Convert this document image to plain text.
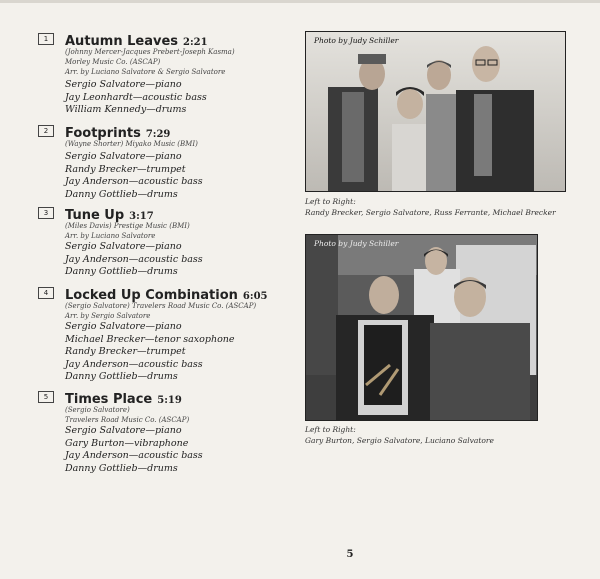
1	Autumn Leaves 2:21
(Johnny Mercer-Jacques Prebert-Joseph Kasma)
Morley Music Co. (ASCAP)
Arr. by Luciano Salvatore & Sergio Salvatore
Sergio Salvatore—piano
Jay Leonhardt—acoustic bass
William Kennedy—drums
2	Footprints 7:29
(Wayne Shorter) Miyako Music (BMI)
Sergio Salvatore—piano
Randy Brecker—trumpet
Jay Anderson—acoustic bass
Danny Gottlieb—drums
3	Tune Up 3:17
(Miles Davis) Prestige Music (BMI)
Arr. by Luciano Salvatore
Sergio Salvatore—piano
Jay Anderson—acoustic bass
Danny Gottlieb—drums
4	Locked Up Combination 6:05
(Sergio Salvatore) Travelers Road Music Co. (ASCAP)
Arr. by Sergio Salvatore
Sergio Salvatore—piano
Michael Brecker—tenor saxophone
Randy Brecker—trumpet
Jay Anderson—acoustic bass
Danny Gottlieb—drums
5	Times Place 5:19
(Sergio Salvatore)
Travelers Road Music Co. (ASCAP)
Sergio Salvatore—piano
Gary Burton—vibraphone
Jay Anderson—acoustic bass
Danny Gottlieb—drums
Photo by Judy Schiller
Left to Right:
Randy Brecker, Sergio Salvatore, Russ Ferrante, Michael Brecker
Photo by Judy Schiller
Left to Right:
Gary Burton, Sergio Salvatore, Luciano Salvatore
5
